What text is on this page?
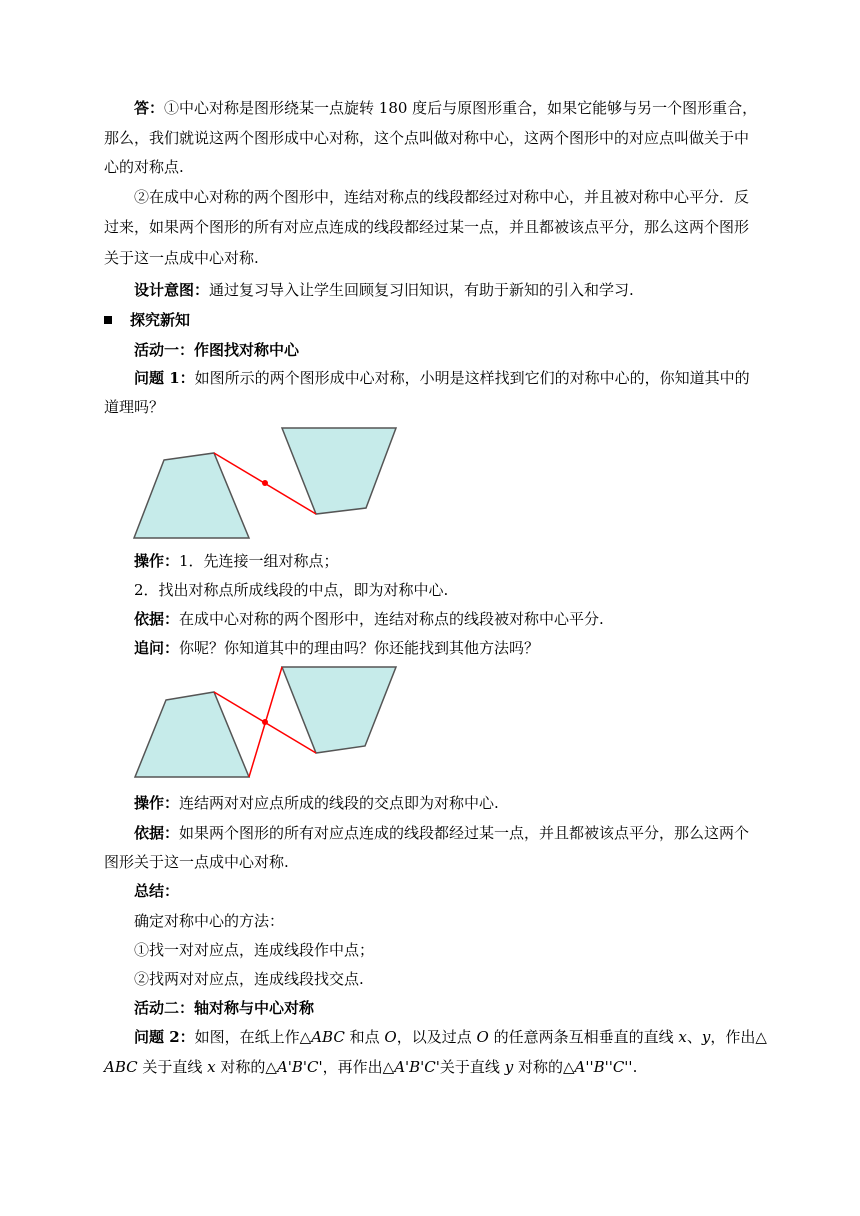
答：①中心对称是图形绕某一点旋转 180 度后与原图形重合，如果它能够与另一个图形重合，
那么，我们就说这两个图形成中心对称，这个点叫做对称中心，这两个图形中的对应点叫做关于中
心的对称点.
②在成中心对称的两个图形中，连结对称点的线段都经过对称中心，并且被对称中心平分．反
过来，如果两个图形的所有对应点连成的线段都经过某一点，并且都被该点平分，那么这两个图形
关于这一点成中心对称.
设计意图：通过复习导入让学生回顾复习旧知识，有助于新知的引入和学习.
探究新知
活动一：作图找对称中心
问题 1：如图所示的两个图形成中心对称，小明是这样找到它们的对称中心的，你知道其中的
道理吗？
操作：1．先连接一组对称点；
2．找出对称点所成线段的中点，即为对称中心.
依据：在成中心对称的两个图形中，连结对称点的线段被对称中心平分.
追问：你呢？你知道其中的理由吗？你还能找到其他方法吗？
操作：连结两对对应点所成的线段的交点即为对称中心.
依据：如果两个图形的所有对应点连成的线段都经过某一点，并且都被该点平分，那么这两个
图形关于这一点成中心对称.
总结：
确定对称中心的方法：
①找一对对应点，连成线段作中点；
②找两对对应点，连成线段找交点.
活动二：轴对称与中心对称
问题 2：如图，在纸上作△ABC 和点 O，以及过点 O 的任意两条互相垂直的直线 x、y，作出△
ABC 关于直线 x 对称的△A'B'C'，再作出△A'B'C'关于直线 y 对称的△A''B''C''.
